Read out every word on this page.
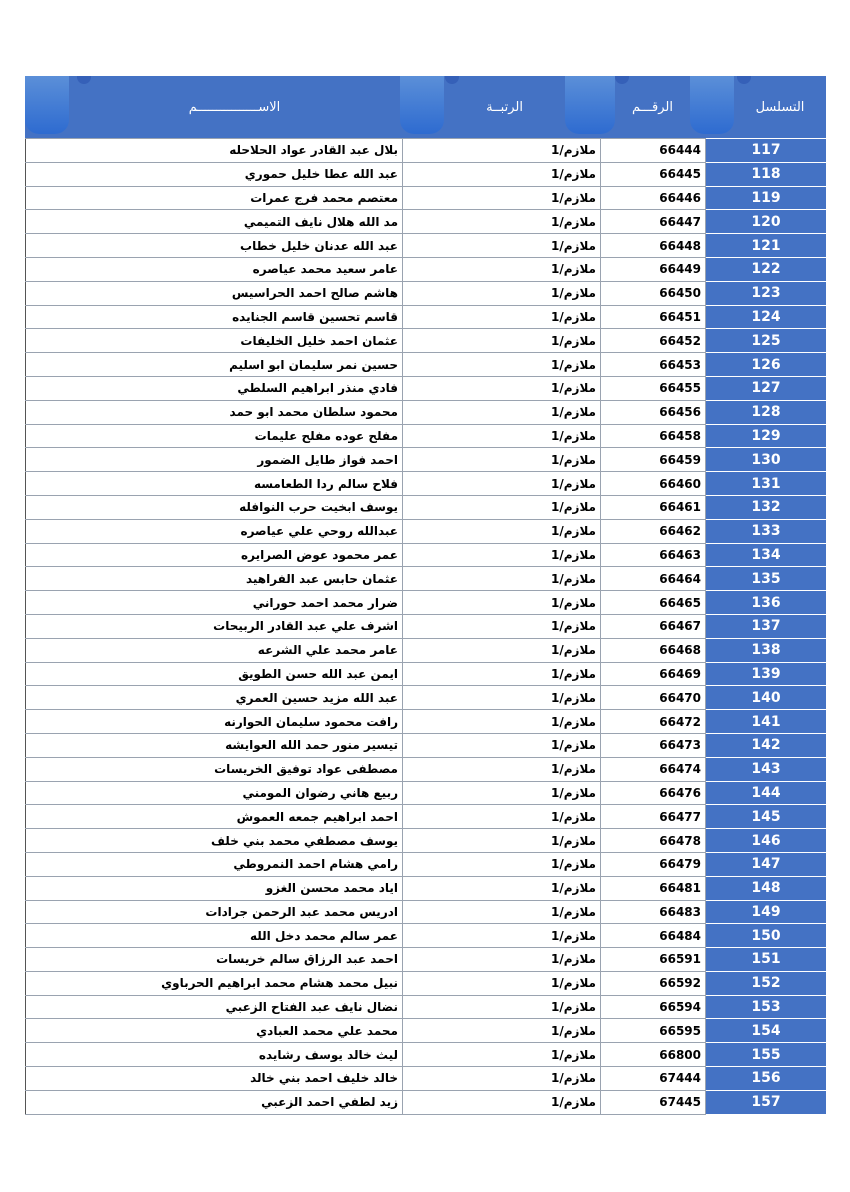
الاســــــــــــــــم	الرتبــة	الرقـــم	التسلسل
بلال عبد القادر عواد الحلاحله	ملازم/1	66444	117
عبد الله عطا خليل حموري	ملازم/1	66445	118
معتصم محمد فرج عمرات	ملازم/1	66446	119
مد الله هلال نايف التميمي	ملازم/1	66447	120
عبد الله عدنان خليل خطاب	ملازم/1	66448	121
عامر سعيد محمد عياصره	ملازم/1	66449	122
هاشم صالح احمد الحراسيس	ملازم/1	66450	123
قاسم تحسين قاسم الجنايده	ملازم/1	66451	124
عثمان احمد خليل الخليفات	ملازم/1	66452	125
حسين نمر سليمان ابو اسليم	ملازم/1	66453	126
فادي منذر ابراهيم السلطي	ملازم/1	66455	127
محمود سلطان محمد ابو حمد	ملازم/1	66456	128
مفلح عوده مفلح عليمات	ملازم/1	66458	129
احمد فواز طايل الضمور	ملازم/1	66459	130
فلاح سالم ردا الطعامسه	ملازم/1	66460	131
يوسف ابخيت حرب النوافله	ملازم/1	66461	132
عبدالله روحي علي عياصره	ملازم/1	66462	133
عمر محمود عوض الصرايره	ملازم/1	66463	134
عثمان حابس عبد الفراهيد	ملازم/1	66464	135
ضرار محمد احمد حوراني	ملازم/1	66465	136
اشرف علي عبد القادر الربيحات	ملازم/1	66467	137
عامر محمد علي الشرعه	ملازم/1	66468	138
ايمن عبد الله حسن الطويق	ملازم/1	66469	139
عبد الله مزيد حسين العمري	ملازم/1	66470	140
رافت محمود سليمان الحوارنه	ملازم/1	66472	141
تيسير منور حمد الله العوايشه	ملازم/1	66473	142
مصطفى عواد توفيق الخريسات	ملازم/1	66474	143
ربيع هاني رضوان المومني	ملازم/1	66476	144
احمد ابراهيم جمعه العموش	ملازم/1	66477	145
يوسف مصطفي محمد بني خلف	ملازم/1	66478	146
رامي هشام احمد النمروطي	ملازم/1	66479	147
اياد محمد محسن الغزو	ملازم/1	66481	148
ادريس محمد عبد الرحمن جرادات	ملازم/1	66483	149
عمر سالم محمد دخل الله	ملازم/1	66484	150
احمد عبد الرزاق سالم خريسات	ملازم/1	66591	151
نبيل محمد هشام محمد ابراهيم الحرباوي	ملازم/1	66592	152
نضال نايف عبد الفتاح الزعبي	ملازم/1	66594	153
محمد علي محمد العبادي	ملازم/1	66595	154
ليث خالد يوسف رشايده	ملازم/1	66800	155
خالد خليف احمد بني خالد	ملازم/1	67444	156
زيد لطفي احمد الزعبي	ملازم/1	67445	157
